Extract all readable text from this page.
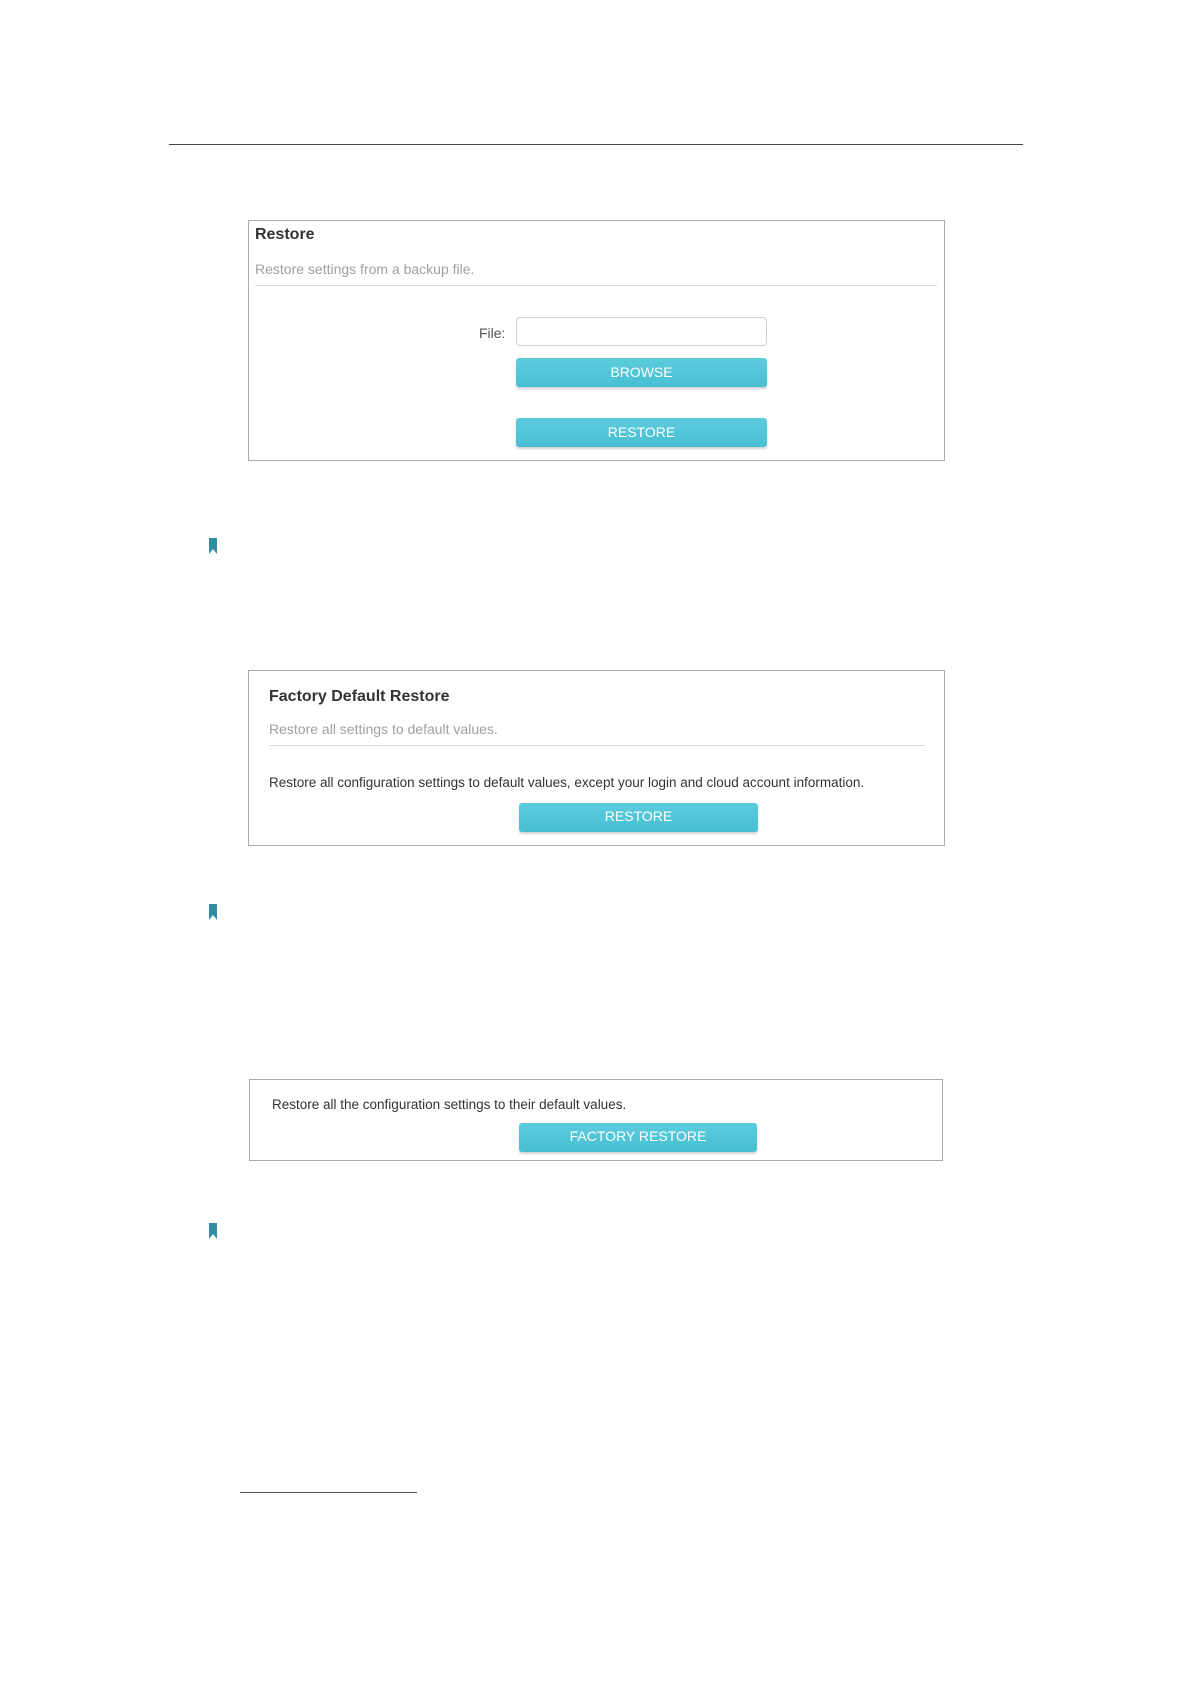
Restore
Restore settings from a backup file.
File:
BROWSE
RESTORE
Factory Default Restore
Restore all settings to default values.
Restore all configuration settings to default values, except your login and cloud account information.
RESTORE
Restore all the configuration settings to their default values.
FACTORY RESTORE
